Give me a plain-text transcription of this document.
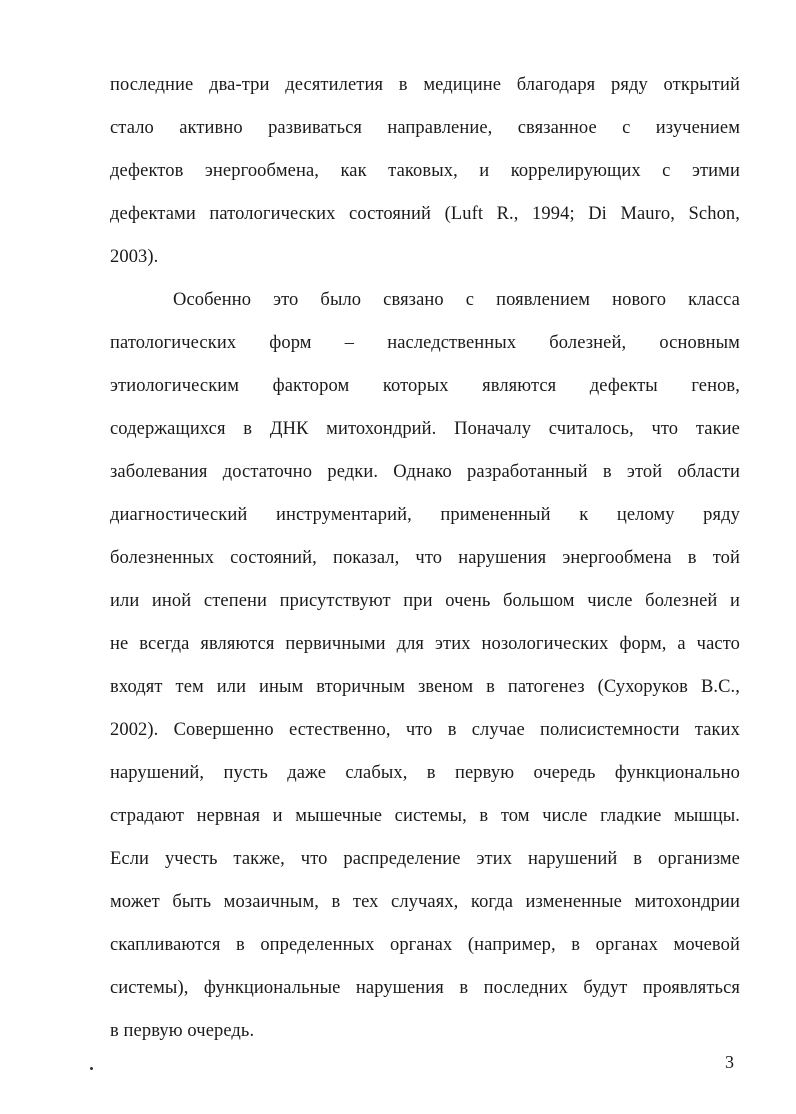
последние два-три десятилетия в медицине благодаря ряду открытий
стало активно развиваться направление, связанное с изучением
дефектов энергообмена, как таковых, и коррелирующих с этими
дефектами патологических состояний (Luft R., 1994; Di Mauro, Schon,
2003).
Особенно это было связано с появлением нового класса
патологических форм – наследственных болезней, основным
этиологическим фактором которых являются дефекты генов,
содержащихся в ДНК митохондрий. Поначалу считалось, что такие
заболевания достаточно редки. Однако разработанный в этой области
диагностический инструментарий, примененный к целому ряду
болезненных состояний, показал, что нарушения энергообмена в той
или иной степени присутствуют при очень большом числе болезней и
не всегда являются первичными для этих нозологических форм, а часто
входят тем или иным вторичным звеном в патогенез (Сухоруков В.С.,
2002). Совершенно естественно, что в случае полисистемности таких
нарушений, пусть даже слабых, в первую очередь функционально
страдают нервная и мышечные системы, в том числе гладкие мышцы.
Если учесть также, что распределение этих нарушений в организме
может быть мозаичным, в тех случаях, когда измененные митохондрии
скапливаются в определенных органах (например, в органах мочевой
системы), функциональные нарушения в последних будут проявляться
в первую очередь.
3
